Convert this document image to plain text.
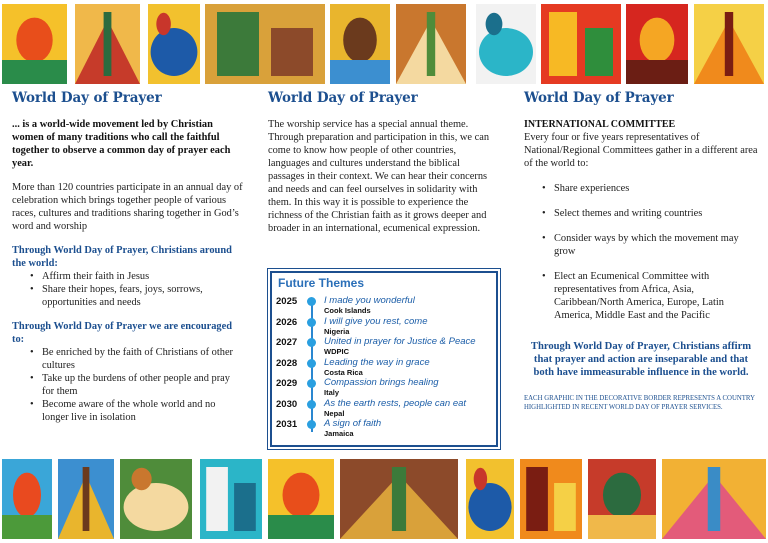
World Day of Prayer

... is a world-wide movement led by Christian women of many traditions who call the faithful together to observe a common day of prayer each year.

More than 120 countries participate in an annual day of celebration which brings together people of various races, cultures and traditions sharing together in God’s word and worship

Through World Day of Prayer, Christians around the world:

• Affirm their faith in Jesus
• Share their hopes, fears, joys, sorrows, opportunities and needs

Through World Day of Prayer we are encouraged to:

• Be enriched by the faith of Christians of other cultures
• Take up the burdens of other people and pray for them
• Become aware of the whole world and no longer live in isolation
World Day of Prayer

The worship service has a special annual theme. Through preparation and participation in this, we can come to know how people of other countries, languages and cultures understand the biblical passages in their context. We can hear their concerns and needs and can feel ourselves in solidarity with them. In this way it is possible to experience the richness of the Christian faith as it grows deeper and broader in an international, ecumenical expression.

Future Themes
2025	I made you wonderful
Cook Islands
2026	I will give you rest, come
Nigeria
2027	United in prayer for Justice & Peace
WDPIC
2028	Leading the way in grace
Costa Rica
2029	Compassion brings healing
Italy
2030	As the earth rests, people can eat
Nepal
2031	A sign of faith
Jamaica
World Day of Prayer

INTERNATIONAL COMMITTEE

Every four or five years representatives of National/Regional Committees gather in a different area of the world to:

• Share experiences
• Select themes and writing countries
• Consider ways by which the movement may grow
• Elect an Ecumenical Committee with representatives from Africa, Asia, Caribbean/North America, Europe, Latin America, Middle East and the Pacific

Through World Day of Prayer, Christians affirm that prayer and action are inseparable and that both have immeasurable influence in the world.

EACH GRAPHIC IN THE DECORATIVE BORDER REPRESENTS A COUNTRY HIGHLIGHTED IN RECENT WORLD DAY OF PRAYER SERVICES.
